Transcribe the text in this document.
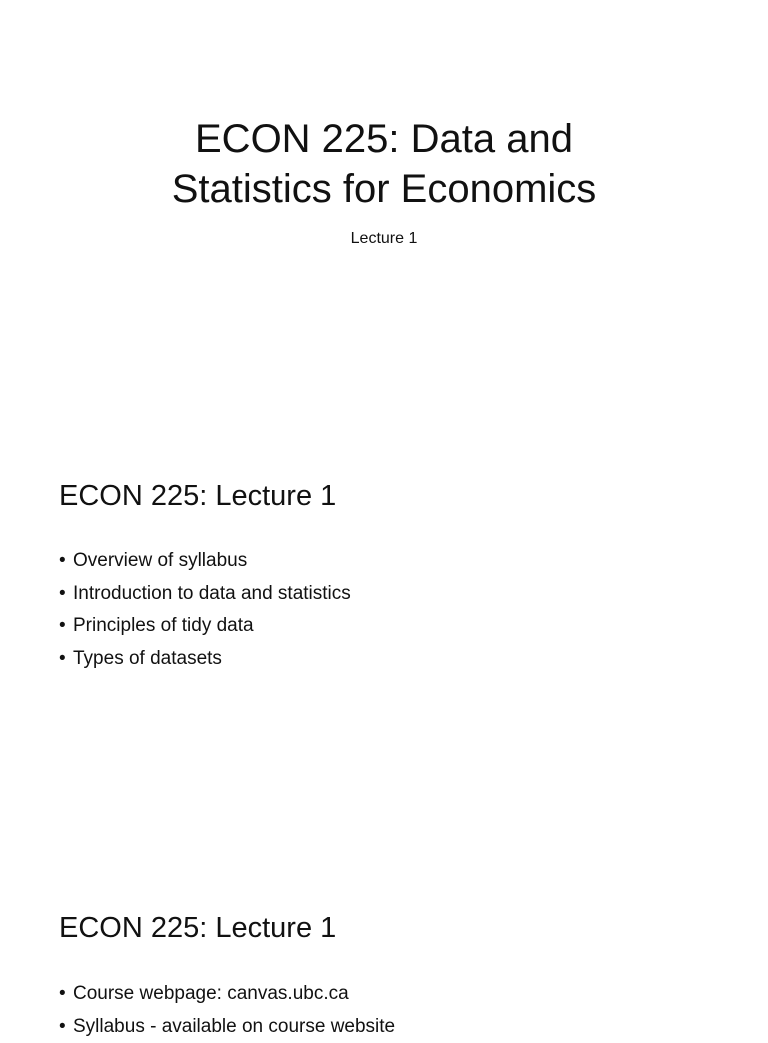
ECON 225: Data and
Statistics for Economics

Lecture 1

ECON 225: Lecture 1
• Overview of syllabus
• Introduction to data and statistics
• Principles of tidy data
• Types of datasets
ECON 225: Lecture 1
• Course webpage: canvas.ubc.ca
• Syllabus - available on course website
